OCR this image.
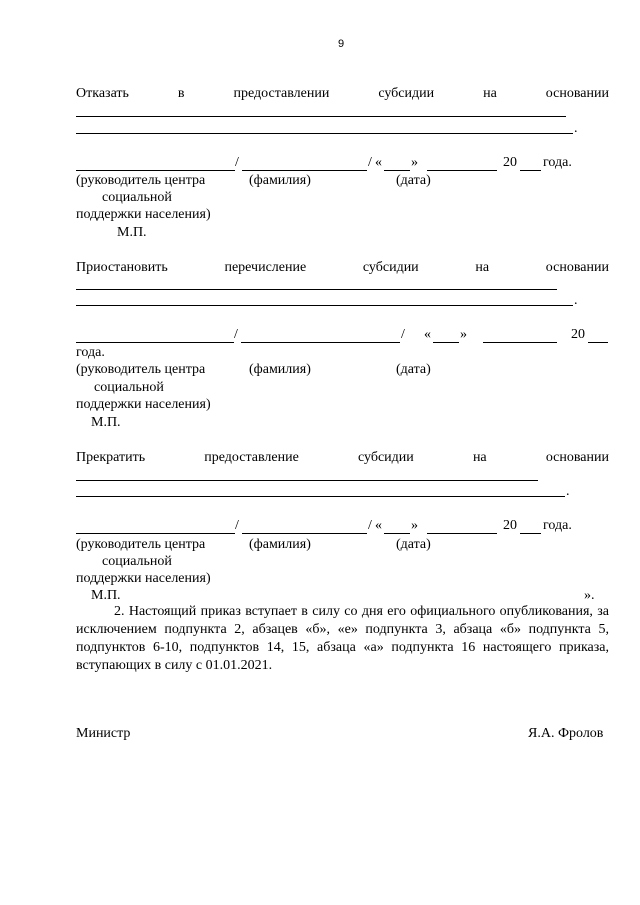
9
Отказать	в	предоставлении	субсидии	на	основании
.
/	/ « »	20 года.
(руководитель центра	(фамилия)	(дата)
социальной
поддержки населения)
М.П.
Приостановить	перечисление	субсидии	на	основании
.
/	/ « »	20
года.
(руководитель центра	(фамилия)	(дата)
социальной
поддержки населения)
М.П.
Прекратить	предоставление	субсидии	на	основании
.
/	/ « »	20 года.
(руководитель центра	(фамилия)	(дата)
социальной
поддержки населения)
М.П.	».
2. Настоящий приказ вступает в силу со дня его официального опубликования, за исключением подпункта 2, абзацев «б», «е» подпункта 3, абзаца «б» подпункта 5, подпунктов 6-10, подпунктов 14, 15, абзаца «а» подпункта 16 настоящего приказа, вступающих в силу с 01.01.2021.
Министр	Я.А. Фролов
